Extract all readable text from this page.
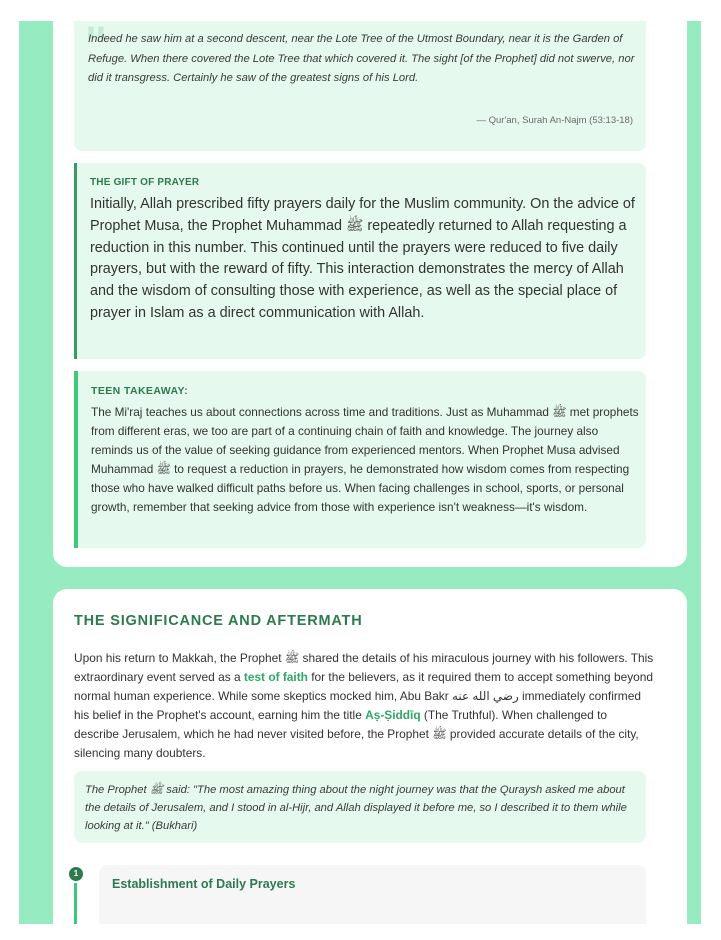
"

Indeed he saw him at a second descent, near the Lote Tree of the Utmost Boundary, near it is the Garden of Refuge. When there covered the Lote Tree that which covered it. The sight [of the Prophet] did not swerve, nor did it transgress. Certainly he saw of the greatest signs of his Lord.

— Qur'an, Surah An-Najm (53:13-18)
THE GIFT OF PRAYER

Initially, Allah prescribed fifty prayers daily for the Muslim community. On the advice of Prophet Musa, the Prophet Muhammad ﷺ repeatedly returned to Allah requesting a reduction in this number. This continued until the prayers were reduced to five daily prayers, but with the reward of fifty. This interaction demonstrates the mercy of Allah and the wisdom of consulting those with experience, as well as the special place of prayer in Islam as a direct communication with Allah.

TEEN TAKEAWAY:

The Mi'raj teaches us about connections across time and traditions. Just as Muhammad ﷺ met prophets from different eras, we too are part of a continuing chain of faith and knowledge. The journey also reminds us of the value of seeking guidance from experienced mentors. When Prophet Musa advised Muhammad ﷺ to request a reduction in prayers, he demonstrated how wisdom comes from respecting those who have walked difficult paths before us. When facing challenges in school, sports, or personal growth, remember that seeking advice from those with experience isn't weakness—it's wisdom.

THE SIGNIFICANCE AND AFTERMATH

Upon his return to Makkah, the Prophet ﷺ shared the details of his miraculous journey with his followers. This extraordinary event served as a test of faith for the believers, as it required them to accept something beyond normal human experience. While some skeptics mocked him, Abu Bakr رضي الله عنه immediately confirmed his belief in the Prophet's account, earning him the title Aṣ-Ṣiddīq (The Truthful). When challenged to describe Jerusalem, which he had never visited before, the Prophet ﷺ provided accurate details of the city, silencing many doubters.

The Prophet ﷺ said: "The most amazing thing about the night journey was that the Quraysh asked me about the details of Jerusalem, and I stood in al-Hijr, and Allah displayed it before me, so I described it to them while looking at it." (Bukhari)

Establishment of Daily Prayers
1
